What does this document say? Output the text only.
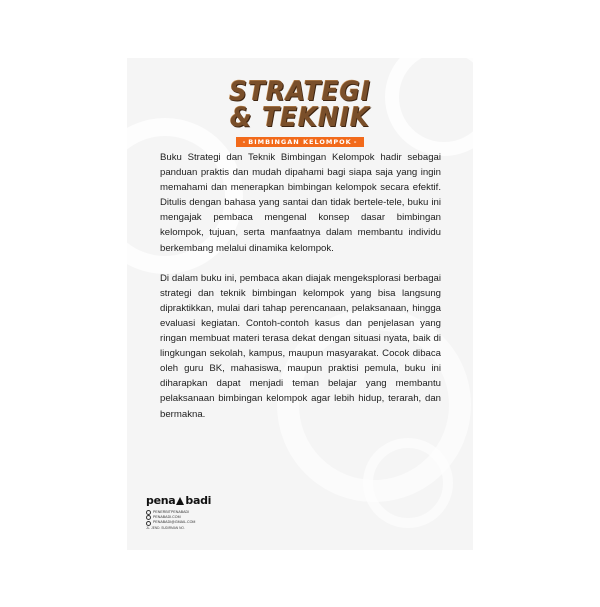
STRATEGI
& TEKNIK
- BIMBINGAN KELOMPOK -

Buku Strategi dan Teknik Bimbingan Kelompok hadir sebagai panduan praktis dan mudah dipahami bagi siapa saja yang ingin memahami dan menerapkan bimbingan kelompok secara efektif. Ditulis dengan bahasa yang santai dan tidak bertele-tele, buku ini mengajak pembaca mengenal konsep dasar bimbingan kelompok, tujuan, serta manfaatnya dalam membantu individu berkembang melalui dinamika kelompok.

Di dalam buku ini, pembaca akan diajak mengeksplorasi berbagai strategi dan teknik bimbingan kelompok yang bisa langsung dipraktikkan, mulai dari tahap perencanaan, pelaksanaan, hingga evaluasi kegiatan. Contoh-contoh kasus dan penjelasan yang ringan membuat materi terasa dekat dengan situasi nyata, baik di lingkungan sekolah, kampus, maupun masyarakat. Cocok dibaca oleh guru BK, mahasiswa, maupun praktisi pemula, buku ini diharapkan dapat menjadi teman belajar yang membantu pelaksanaan bimbingan kelompok agar lebih hidup, terarah, dan bermakna.

pena badi
PENERBITPENABADI
PENABADI.COM
PENABADI@GMAIL.COM
JL. JEND. SUDIRMAN NO.
